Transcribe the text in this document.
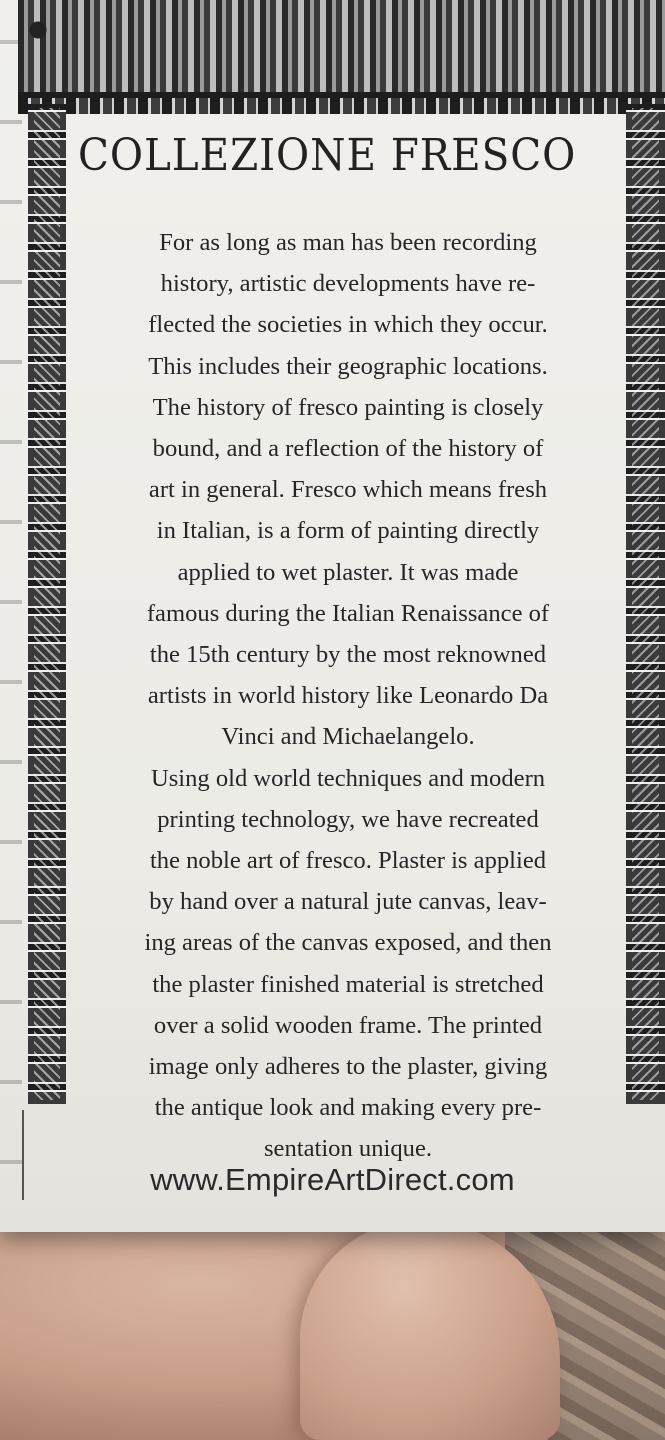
COLLEZIONE FRESCO
For as long as man has been recording
history, artistic developments have re-
flected the societies in which they occur.
This includes their geographic locations.
The history of fresco painting is closely
bound, and a reflection of the history of
art in general. Fresco which means fresh
in Italian, is a form of painting directly
applied to wet plaster. It was made
famous during the Italian Renaissance of
the 15th century by the most reknowned
artists in world history like Leonardo Da
Vinci and Michaelangelo.
Using old world techniques and modern
printing technology, we have recreated
the noble art of fresco. Plaster is applied
by hand over a natural jute canvas, leav-
ing areas of the canvas exposed, and then
the plaster finished material is stretched
over a solid wooden frame. The printed
image only adheres to the plaster, giving
the antique look and making every pre-
sentation unique.
www.EmpireArtDirect.com
